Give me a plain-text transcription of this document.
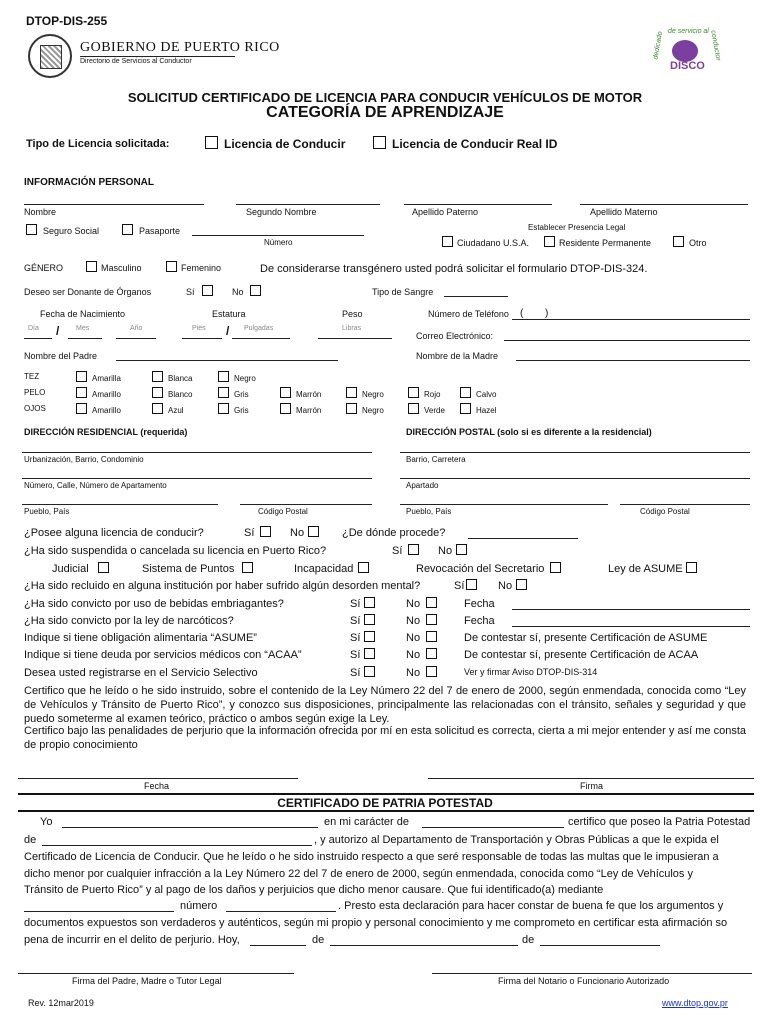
DTOP-DIS-255
GOBIERNO DE PUERTO RICO
Directorio de Servicios al Conductor
dedicado de servicio al conductor
DISCO
SOLICITUD CERTIFICADO DE LICENCIA PARA CONDUCIR VEHÍCULOS DE MOTOR
CATEGORÍA DE APRENDIZAJE
Tipo de Licencia solicitada:	Licencia de Conducir	Licencia de Conducir Real ID
INFORMACIÓN PERSONAL
Nombre	Segundo Nombre	Apellido Paterno	Apellido Materno
Seguro Social	Pasaporte
Número
Establecer Presencia Legal
Ciudadano U.S.A.	Residente Permanente	Otro
GÉNERO	Masculino	Femenino	De considerarse transgénero usted podrá solicitar el formulario DTOP-DIS-324.
Deseo ser Donante de Órganos	Sí	No	Tipo de Sangre
Fecha de Nacimiento	Estatura	Peso	Número de Teléfono ( )
Día	Mes	Año	Pies	Pulgadas	Libras
/	/	Correo Electrónico:
Nombre del Padre	Nombre de la Madre
TEZ	Amarilla	Blanca	Negro
PELO	Amarillo	Blanco	Gris	Marrón	Negro	Rojo	Calvo
OJOS	Amarillo	Azul	Gris	Marrón	Negro	Verde	Hazel
DIRECCIÓN RESIDENCIAL (requerida)	DIRECCIÓN POSTAL (solo si es diferente a la residencial)
Urbanización, Barrio, Condominio	Barrio, Carretera
Número, Calle, Número de Apartamento	Apartado
Pueblo, País	Código Postal	Pueblo, País	Código Postal
¿Posee alguna licencia de conducir?	Sí	No	¿De dónde procede?
¿Ha sido suspendida o cancelada su licencia en Puerto Rico?	Sí	No
Judicial	Sistema de Puntos	Incapacidad	Revocación del Secretario	Ley de ASUME
¿Ha sido recluido en alguna institución por haber sufrido algún desorden mental?	Sí	No
¿Ha sido convicto por uso de bebidas embriagantes?	Sí	No	Fecha
¿Ha sido convicto por la ley de narcóticos?	Sí	No	Fecha
Indique si tiene obligación alimentaria “ASUME”	Sí	No	De contestar sí, presente Certificación de ASUME
Indique si tiene deuda por servicios médicos con “ACAA”	Sí	No	De contestar sí, presente Certificación de ACAA
Desea usted registrarse en el Servicio Selectivo	Sí	No	Ver y firmar Aviso DTOP-DIS-314
Certifico que he leído o he sido instruido, sobre el contenido de la Ley Número 22 del 7 de enero de 2000, según enmendada, conocida como “Ley de Vehículos y Tránsito de Puerto Rico”, y conozco sus disposiciones, principalmente las relacionadas con el tránsito, señales y seguridad y que puedo someterme al examen teórico, práctico o ambos según exige la Ley.
Certifico bajo las penalidades de perjurio que la información ofrecida por mí en esta solicitud es correcta, cierta a mi mejor entender y así me consta de propio conocimiento
Fecha	Firma
CERTIFICADO DE PATRIA POTESTAD
Yo	en mi carácter de	certifico que poseo la Patria Potestad
de	, y autorizo al Departamento de Transportación y Obras Públicas a que le expida el
Certificado de Licencia de Conducir. Que he leído o he sido instruido respecto a que seré responsable de todas las multas que le impusieran a
dicho menor por cualquier infracción a la Ley Número 22 del 7 de enero de 2000, según enmendada, conocida como “Ley de Vehículos y
Tránsito de Puerto Rico” y al pago de los daños y perjuicios que dicho menor causare. Que fui identificado(a) mediante
número	. Presto esta declaración para hacer constar de buena fe que los argumentos y
documentos expuestos son verdaderos y auténticos, según mi propio y personal conocimiento y me comprometo en certificar esta afirmación so
pena de incurrir en el delito de perjurio. Hoy,	de	de
Firma del Padre, Madre o Tutor Legal	Firma del Notario o Funcionario Autorizado
Rev. 12mar2019	www.dtop.gov.pr
